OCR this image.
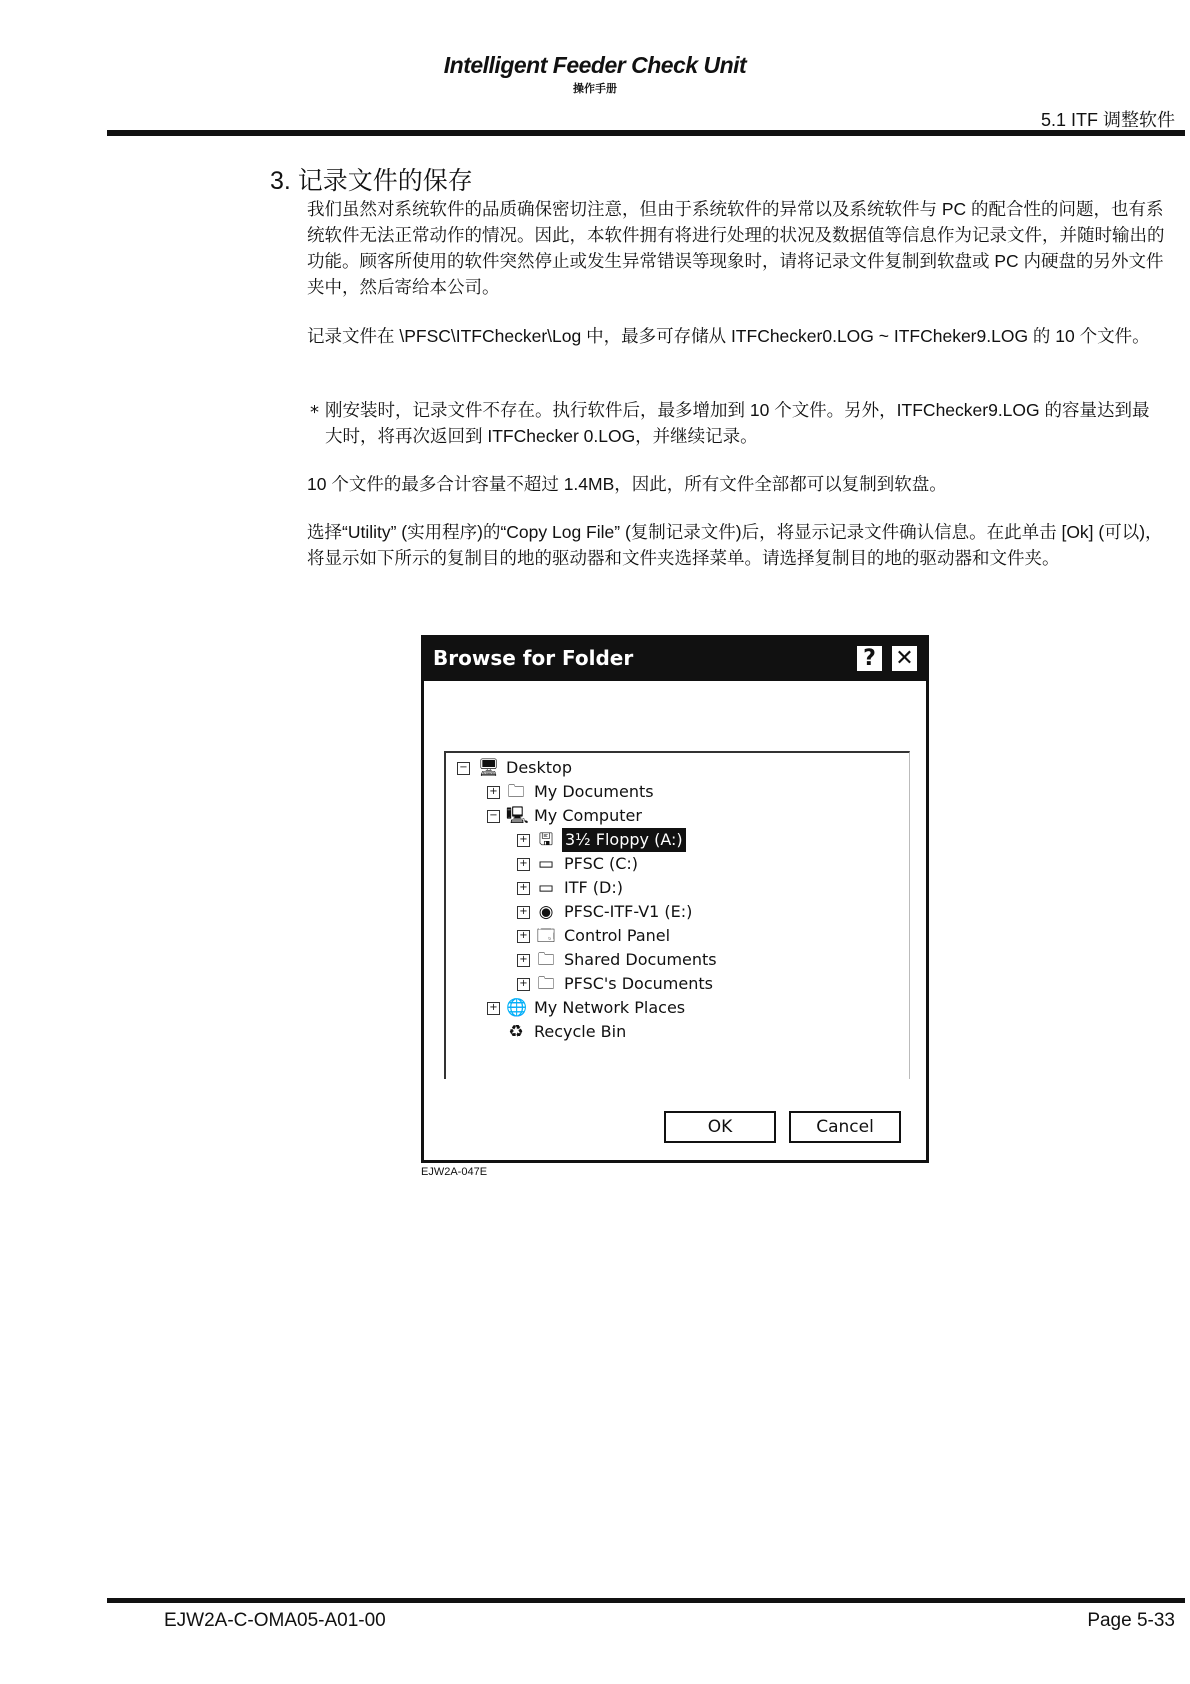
Intelligent Feeder Check Unit
操作手册
5.1 ITF 调整软件
3. 记录文件的保存
我们虽然对系统软件的品质确保密切注意，但由于系统软件的异常以及系统软件与 PC 的配合性的问题，也有系统软件无法正常动作的情况。因此，本软件拥有将进行处理的状况及数据值等信息作为记录文件，并随时输出的功能。顾客所使用的软件突然停止或发生异常错误等现象时，请将记录文件复制到软盘或 PC 内硬盘的另外文件夹中，然后寄给本公司。
记录文件在 \PFSC\ITFChecker\Log 中，最多可存储从 ITFChecker0.LOG ~ ITFCheker9.LOG 的 10 个文件。
* 刚安装时，记录文件不存在。执行软件后，最多增加到 10 个文件。另外，ITFChecker9.LOG 的容量达到最大时，将再次返回到 ITFChecker 0.LOG，并继续记录。
10 个文件的最多合计容量不超过 1.4MB，因此，所有文件全部都可以复制到软盘。
选择“Utility” (实用程序)的“Copy Log File” (复制记录文件)后，将显示记录文件确认信息。在此单击 [Ok] (可以)，将显示如下所示的复制目的地的驱动器和文件夹选择菜单。请选择复制目的地的驱动器和文件夹。
Browse for Folder	? ✕
− 🖥 Desktop
+ 🗀 My Documents
− 🖳 My Computer
+ 🖫 3½ Floppy (A:)
+ ▭ PFSC (C:)
+ ▭ ITF (D:)
+ ◉ PFSC-ITF-V1 (E:)
+ 🗔 Control Panel
+ 🗀 Shared Documents
+ 🗀 PFSC's Documents
+ 🌐 My Network Places
♻ Recycle Bin
OK	Cancel
EJW2A-047E
EJW2A-C-OMA05-A01-00	Page 5-33
